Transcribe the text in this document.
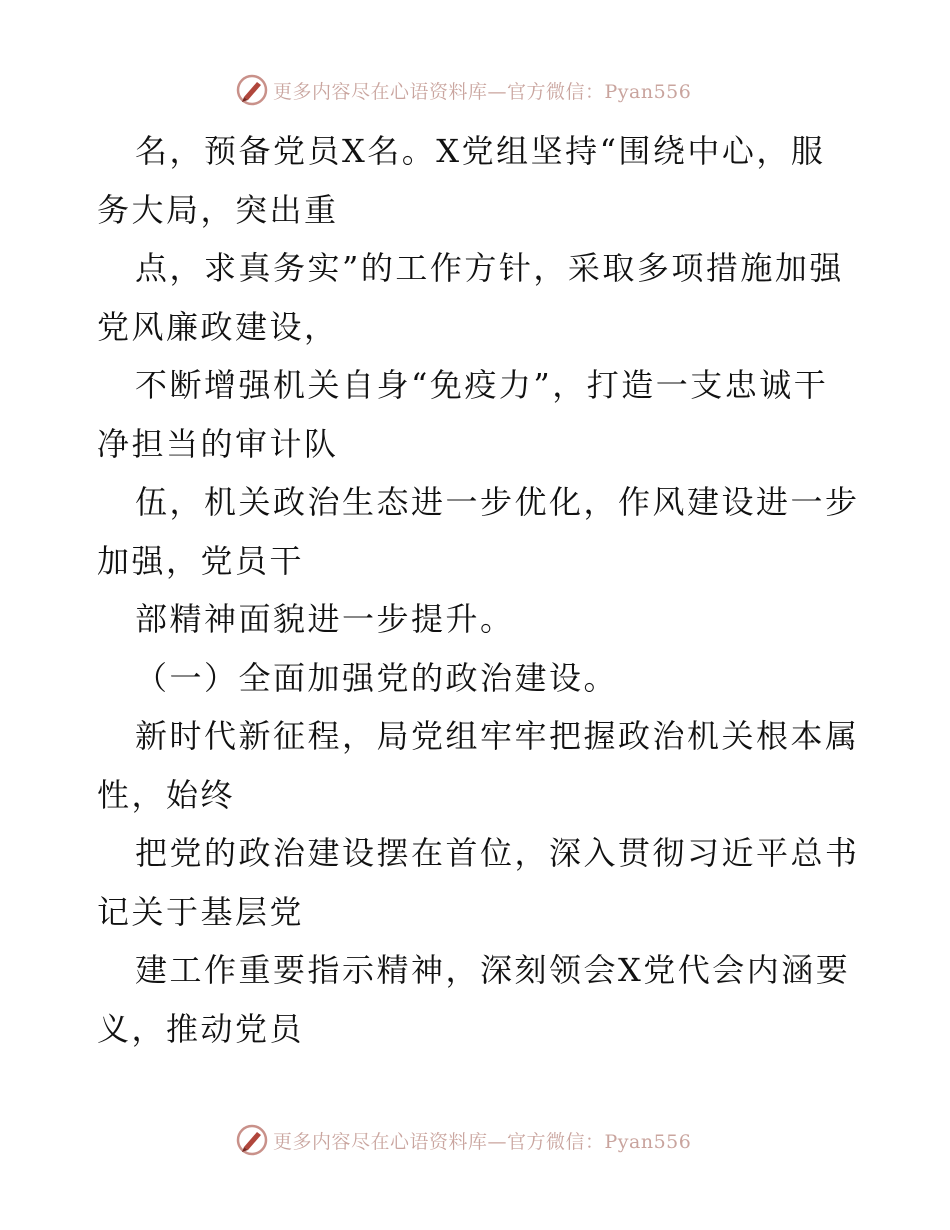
更多内容尽在心语资料库—官方微信：Pyan556
名，预备党员X名。X党组坚持“围绕中心，服
务大局，突出重
点，求真务实”的工作方针，采取多项措施加强
党风廉政建设，
不断增强机关自身“免疫力”，打造一支忠诚干
净担当的审计队
伍，机关政治生态进一步优化，作风建设进一步
加强，党员干
部精神面貌进一步提升。
（一）全面加强党的政治建设。
新时代新征程，局党组牢牢把握政治机关根本属
性，始终
把党的政治建设摆在首位，深入贯彻习近平总书
记关于基层党
建工作重要指示精神，深刻领会X党代会内涵要
义，推动党员
更多内容尽在心语资料库—官方微信：Pyan556
